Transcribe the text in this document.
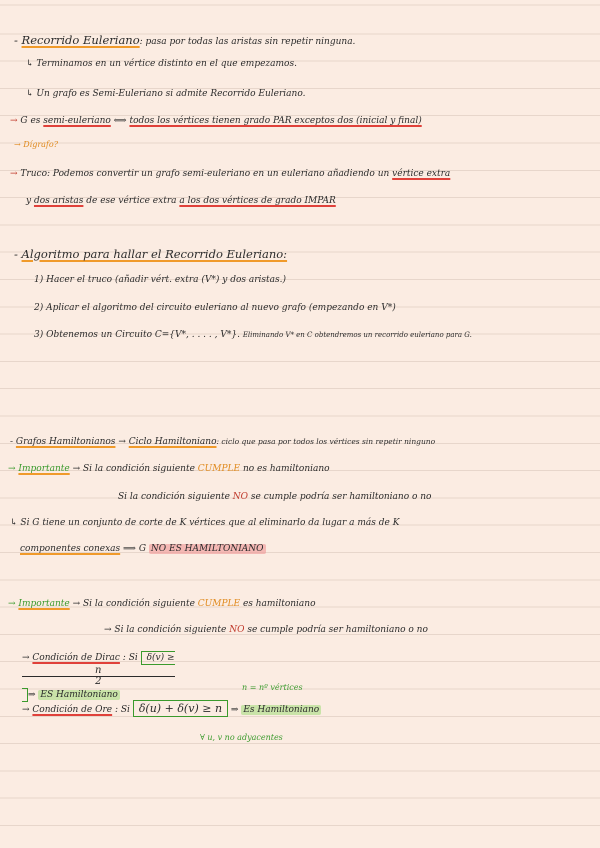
- Recorrido Euleriano: pasa por todas las aristas sin repetir ninguna.
↳ Terminamos en un vértice distinto en el que empezamos.
↳ Un grafo es Semi-Euleriano si admite Recorrido Euleriano.
→ G es semi-euleriano ⟺ todos los vértices tienen grado PAR exceptos dos (inicial y final)
→ Dígrafo?
→ Truco: Podemos convertir un grafo semi-euleriano en un euleriano añadiendo un vértice extra
y dos aristas de ese vértice extra a los dos vértices de grado IMPAR
- Algoritmo para hallar el Recorrido Euleriano:
1) Hacer el truco (añadir vért. extra (V*) y dos aristas.)
2) Aplicar el algoritmo del circuito euleriano al nuevo grafo (empezando en V*)
3) Obtenemos un Circuito C={V*, . . . . , V*}. Eliminando V* en C obtendremos un recorrido euleriano para G.
- Grafos Hamiltonianos → Ciclo Hamiltoniano: ciclo que pasa por todos los vértices sin repetir ninguno
→ Importante → Si la condición siguiente CUMPLE no es hamiltoniano
Si la condición siguiente NO se cumple podría ser hamiltoniano o no
↳ Si G tiene un conjunto de corte de K vértices que al eliminarlo da lugar a más de K
componentes conexas ⟹ G NO ES HAMILTONIANO
→ Importante → Si la condición siguiente CUMPLE es hamiltoniano
→ Si la condición siguiente NO se cumple podría ser hamiltoniano o no
→ Condición de Dirac : Si δ(v) ≥
n
2
⇒ ES Hamiltoniano
n = nº vértices
→ Condición de Ore : Si δ(u) + δ(v) ≥ n ⇒ Es Hamiltoniano
∀ u, v no adyacentes
